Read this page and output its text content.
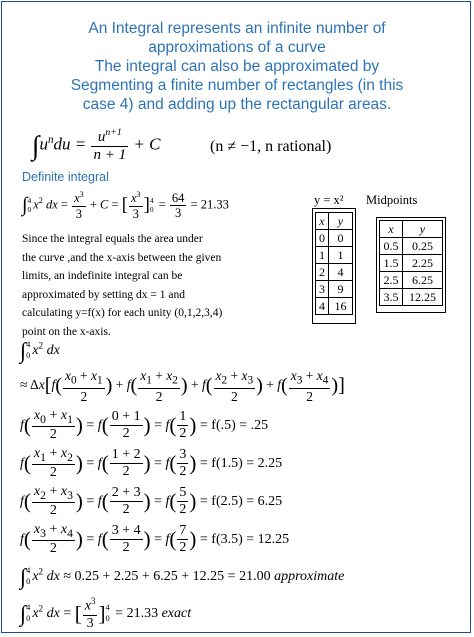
An Integral represents an infinite number of
approximations of a curve
The integral can also be approximated by
Segmenting a finite number of rectangles (in this
case 4) and adding up the rectangular areas.
$\int u^ndu = \frac{u^{n+1}}{n + 1} + C$	(n ≠ −1, n rational)
Definite integral
∫ 4
0 $x^2$ dx = $\frac{x^3}{3} + C$ = [ $\frac{x^3}{3}$ ] 4
$0 = \frac{64}{3} = 21.33$
Since the integral equals the area under
the curve ,and the x-axis between the given
limits, an indefinite integral can be
approximated by setting dx = 1 and
calculating y=f(x) for each unity (0,1,2,3,4)
point on the x-axis.
y = x²
x	y
0	0
1	1
2	4
3	9
4	16
Midpoints
x	y
0.5	0.25
1.5	2.25
2.5	6.25
3.5	12.25
∫ 4
0 $x^2$ dx
≈ $\Delta x[f( \frac{x_0 + x_1}{2}$ ) + $f( \frac{x_1 + x_2}{2}$ ) + $f( \frac{x_2 + x_3}{2}$ ) + $f( \frac{x_3 + x_4}{2}$ )]
$f( \frac{x_0 + x_1}{2}$ ) = $f( \frac{0 + 1}{2}$ ) = $f( \frac{1}{2}$ ) = f(.5) = .25
$f( \frac{x_1 + x_2}{2}$ ) = $f( \frac{1 + 2}{2}$ ) = $f( \frac{3}{2}$ ) = f(1.5) = 2.25
$f( \frac{x_2 + x_3}{2}$ ) = $f( \frac{2 + 3}{2}$ ) = $f( \frac{5}{2}$ ) = f(2.5) = 6.25
$f( \frac{x_3 + x_4}{2}$ ) = $f( \frac{3 + 4}{2}$ ) = $f( \frac{7}{2}$ ) = f(3.5) = 12.25
∫ 4
0 $x^2$ dx ≈ 0.25 + 2.25 + 6.25 + 12.25 = 21.00 approximate
∫ 4
0 $x^2$ dx = [ $\frac{x^3}{3}$ ] 4
0 = 21.33 exact
